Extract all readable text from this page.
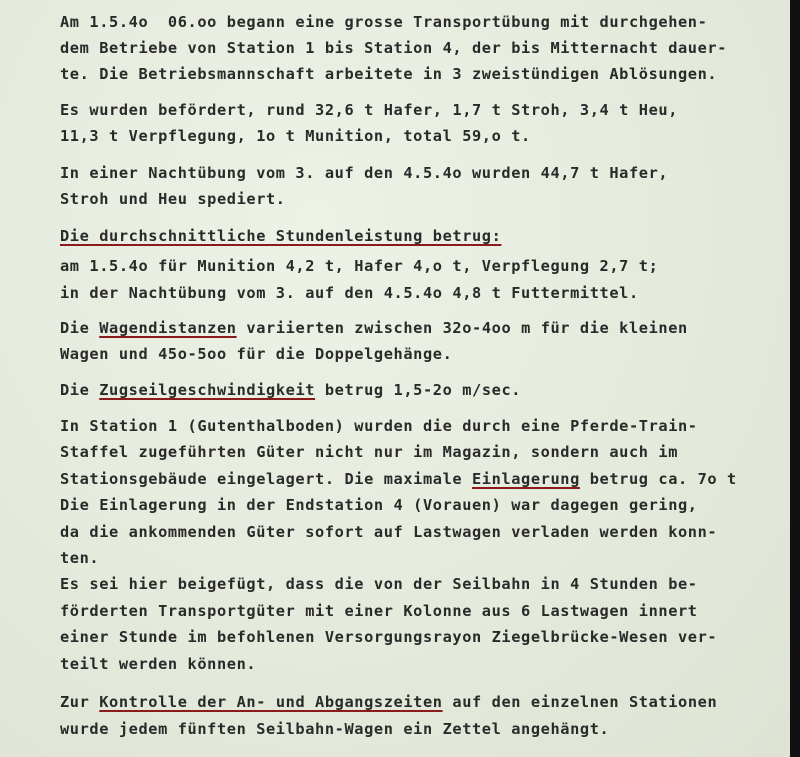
Am 1.5.4o  06.oo begann eine grosse Transportübung mit durchgehen-
dem Betriebe von Station 1 bis Station 4, der bis Mitternacht dauer-
te. Die Betriebsmannschaft arbeitete in 3 zweistündigen Ablösungen.
Es wurden befördert, rund 32,6 t Hafer, 1,7 t Stroh, 3,4 t Heu,
11,3 t Verpflegung, 1o t Munition, total 59,o t.
In einer Nachtübung vom 3. auf den 4.5.4o wurden 44,7 t Hafer,
Stroh und Heu spediert.
Die durchschnittliche Stundenleistung betrug:
am 1.5.4o für Munition 4,2 t, Hafer 4,o t, Verpflegung 2,7 t;
in der Nachtübung vom 3. auf den 4.5.4o 4,8 t Futtermittel.
Die Wagendistanzen variierten zwischen 32o-4oo m für die kleinen
Wagen und 45o-5oo für die Doppelgehänge.
Die Zugseilgeschwindigkeit betrug 1,5-2o m/sec.
In Station 1 (Gutenthalboden) wurden die durch eine Pferde-Train-
Staffel zugeführten Güter nicht nur im Magazin, sondern auch im
Stationsgebäude eingelagert. Die maximale Einlagerung betrug ca. 7o t
Die Einlagerung in der Endstation 4 (Vorauen) war dagegen gering,
da die ankommenden Güter sofort auf Lastwagen verladen werden konn-
ten.
Es sei hier beigefügt, dass die von der Seilbahn in 4 Stunden be-
förderten Transportgüter mit einer Kolonne aus 6 Lastwagen innert
einer Stunde im befohlenen Versorgungsrayon Ziegelbrücke-Wesen ver-
teilt werden können.
Zur Kontrolle der An- und Abgangszeiten auf den einzelnen Stationen
wurde jedem fünften Seilbahn-Wagen ein Zettel angehängt.
